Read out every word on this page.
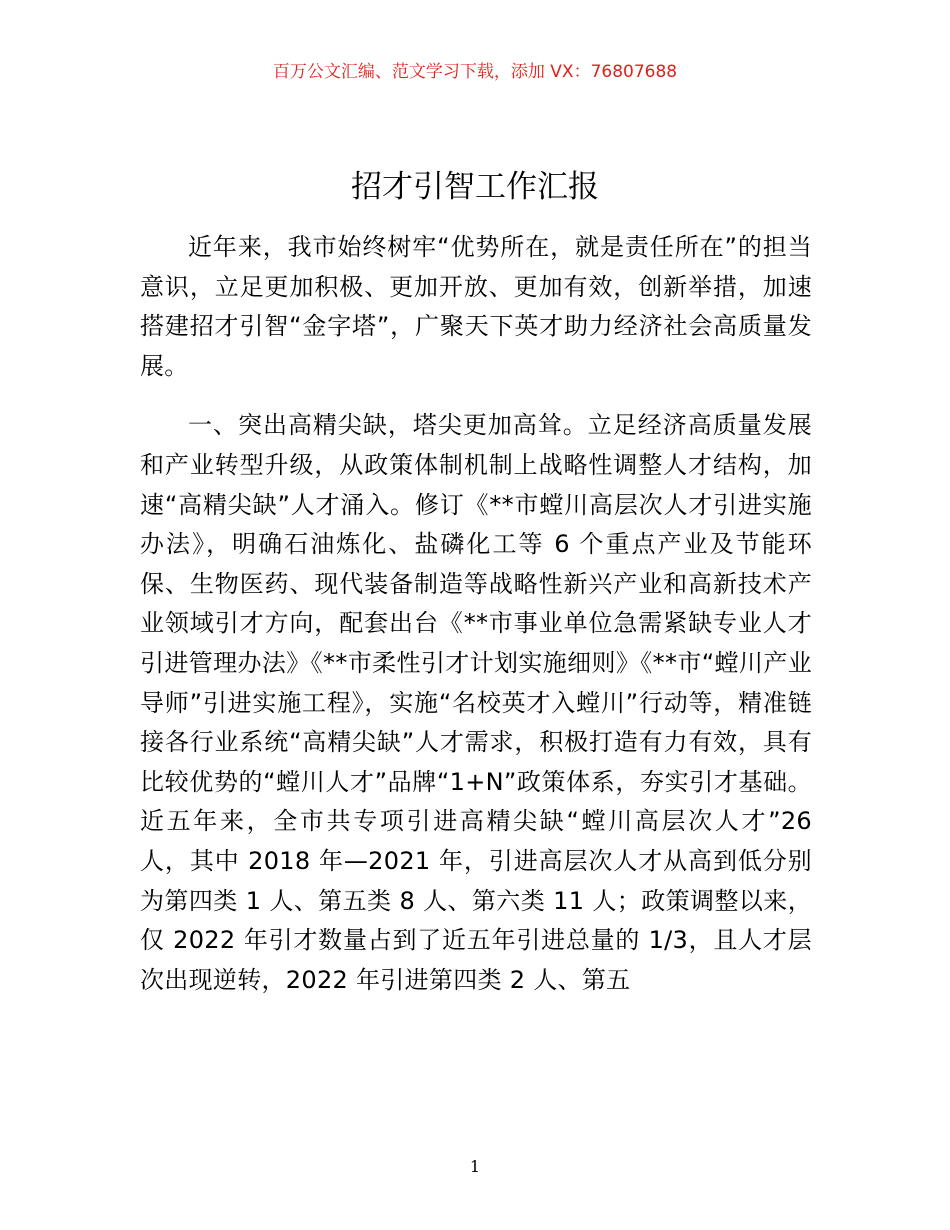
百万公文汇编、范文学习下载，添加 VX：76807688
招才引智工作汇报

近年来，我市始终树牢“优势所在，就是责任所在”的担当意识，立足更加积极、更加开放、更加有效，创新举措，加速搭建招才引智“金字塔”，广聚天下英才助力经济社会高质量发展。

一、突出高精尖缺，塔尖更加高耸。立足经济高质量发展和产业转型升级，从政策体制机制上战略性调整人才结构，加速“高精尖缺”人才涌入。修订《**市螳川高层次人才引进实施办法》，明确石油炼化、盐磷化工等 6 个重点产业及节能环保、生物医药、现代装备制造等战略性新兴产业和高新技术产业领域引才方向，配套出台《**市事业单位急需紧缺专业人才引进管理办法》《**市柔性引才计划实施细则》《**市“螳川产业导师”引进实施工程》，实施“名校英才入螳川”行动等，精准链接各行业系统“高精尖缺”人才需求，积极打造有力有效，具有比较优势的“螳川人才”品牌“1+N”政策体系，夯实引才基础。近五年来，全市共专项引进高精尖缺“螳川高层次人才”26 人，其中 2018 年—2021 年，引进高层次人才从高到低分别为第四类 1 人、第五类 8 人、第六类 11 人；政策调整以来，仅 2022 年引才数量占到了近五年引进总量的 1/3，且人才层次出现逆转，2022 年引进第四类 2 人、第五

1
